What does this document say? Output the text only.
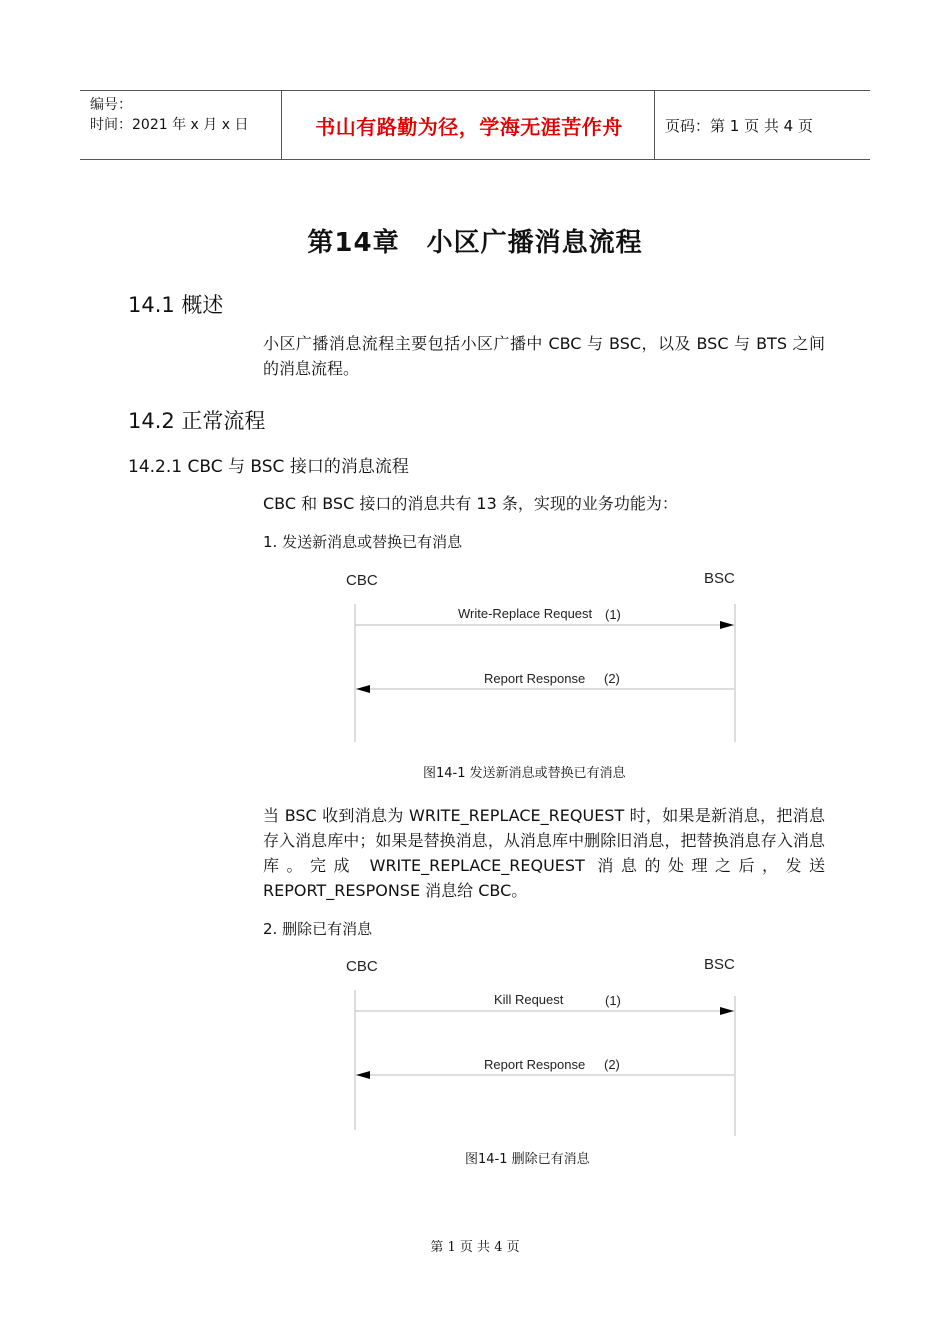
编号：
时间：2021 年 x 月 x 日	书山有路勤为径，学海无涯苦作舟	页码：第 1 页 共 4 页
第14章　小区广播消息流程
14.1 概述
小区广播消息流程主要包括小区广播中 CBC 与 BSC，以及 BSC 与 BTS 之间的消息流程。
14.2 正常流程
14.2.1 CBC 与 BSC 接口的消息流程
CBC 和 BSC 接口的消息共有 13 条，实现的业务功能为：
1. 发送新消息或替换已有消息
CBC	BSC
Write-Replace Request (1)
Report Response (2)
图14-1 发送新消息或替换已有消息
当 BSC 收到消息为 WRITE_REPLACE_REQUEST 时，如果是新消息，把消息存入消息库中；如果是替换消息，从消息库中删除旧消息，把替换消息存入消息库。完成 WRITE_REPLACE_REQUEST 消息的处理之后，发送 REPORT_RESPONSE 消息给 CBC。
2. 删除已有消息
CBC	BSC
Kill Request	(1)
Report Response (2)
图14-1 删除已有消息
第 1 页 共 4 页
